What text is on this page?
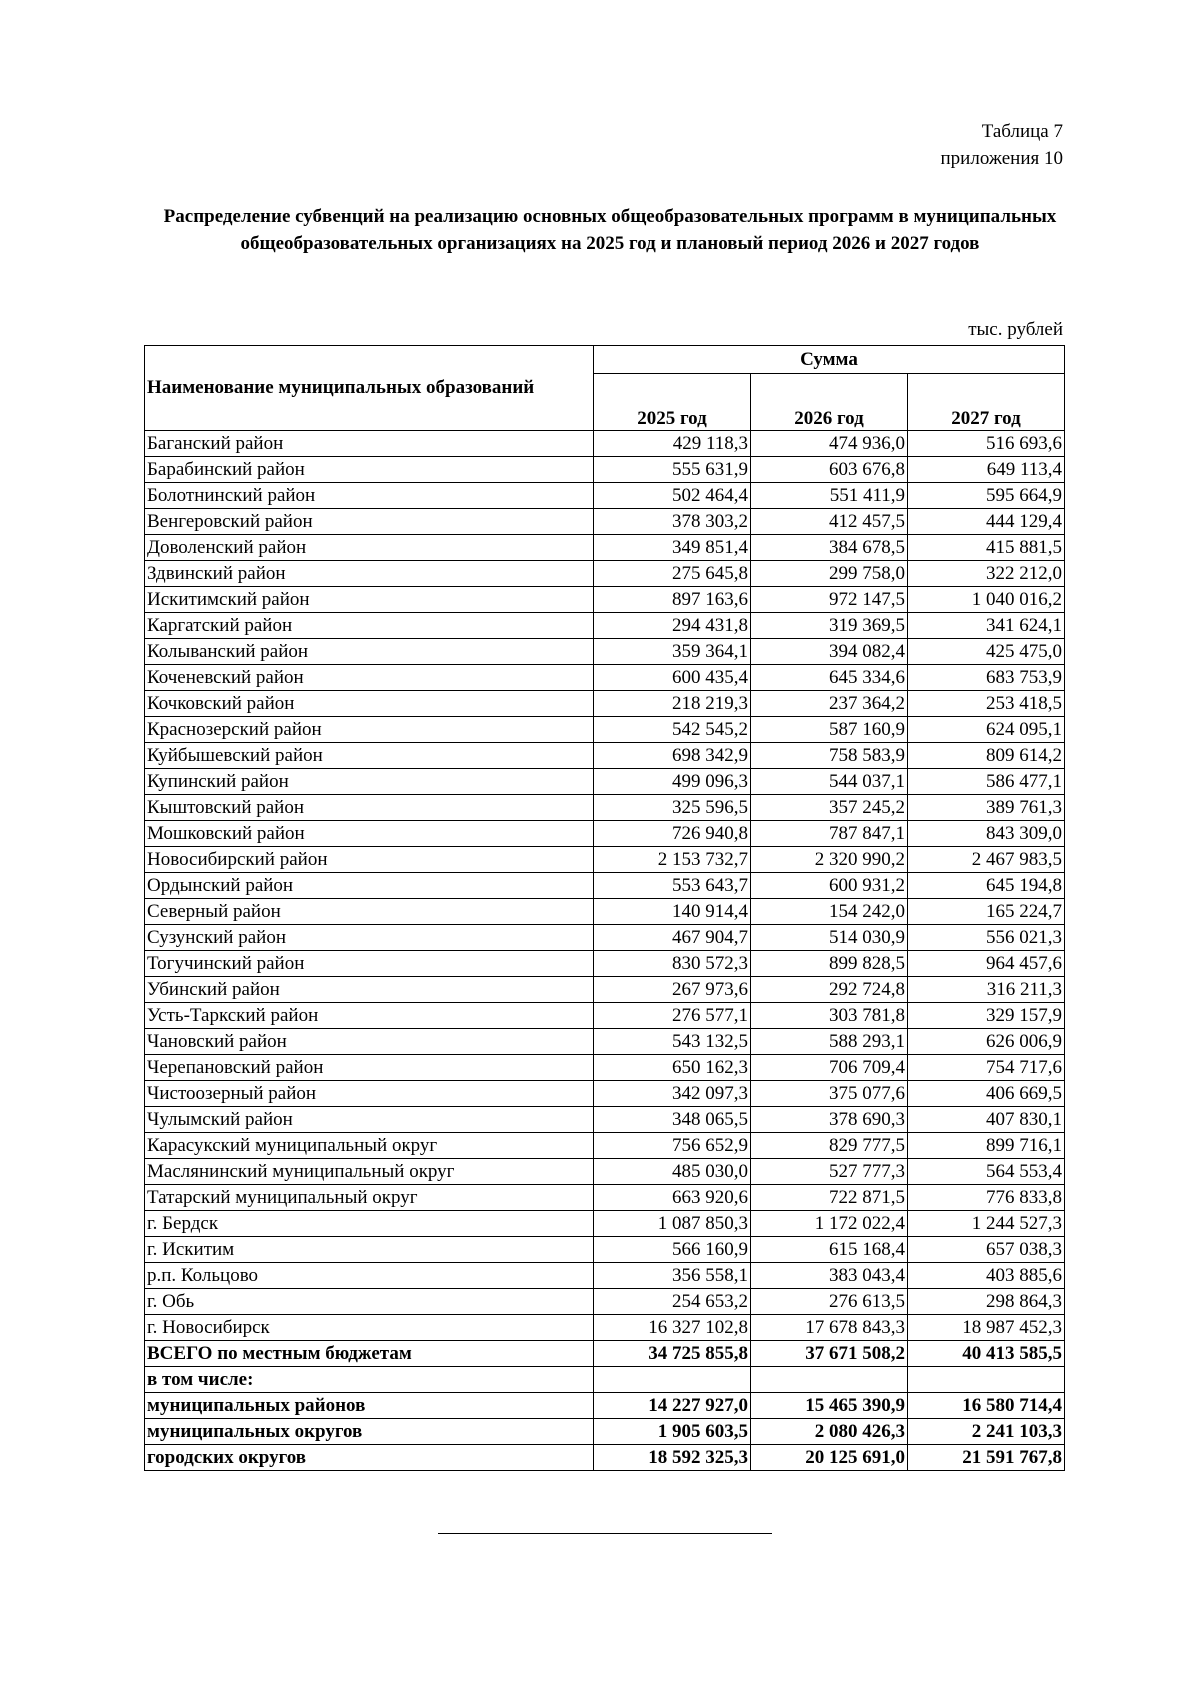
Таблица 7
приложения 10
Распределение субвенций на реализацию основных общеобразовательных программ в муниципальных общеобразовательных организациях на 2025 год и плановый период 2026 и 2027 годов
тыс. рублей
Наименование муниципальных образований	Сумма		
	2025 год	2026 год	2027 год
Баганский район	429 118,3	474 936,0	516 693,6
Барабинский район	555 631,9	603 676,8	649 113,4
Болотнинский район	502 464,4	551 411,9	595 664,9
Венгеровский район	378 303,2	412 457,5	444 129,4
Доволенский район	349 851,4	384 678,5	415 881,5
Здвинский район	275 645,8	299 758,0	322 212,0
Искитимский район	897 163,6	972 147,5	1 040 016,2
Каргатский район	294 431,8	319 369,5	341 624,1
Колыванский район	359 364,1	394 082,4	425 475,0
Коченевский район	600 435,4	645 334,6	683 753,9
Кочковский район	218 219,3	237 364,2	253 418,5
Краснозерский район	542 545,2	587 160,9	624 095,1
Куйбышевский район	698 342,9	758 583,9	809 614,2
Купинский район	499 096,3	544 037,1	586 477,1
Кыштовский район	325 596,5	357 245,2	389 761,3
Мошковский район	726 940,8	787 847,1	843 309,0
Новосибирский район	2 153 732,7	2 320 990,2	2 467 983,5
Ордынский район	553 643,7	600 931,2	645 194,8
Северный район	140 914,4	154 242,0	165 224,7
Сузунский район	467 904,7	514 030,9	556 021,3
Тогучинский район	830 572,3	899 828,5	964 457,6
Убинский район	267 973,6	292 724,8	316 211,3
Усть-Таркский район	276 577,1	303 781,8	329 157,9
Чановский район	543 132,5	588 293,1	626 006,9
Черепановский район	650 162,3	706 709,4	754 717,6
Чистоозерный район	342 097,3	375 077,6	406 669,5
Чулымский район	348 065,5	378 690,3	407 830,1
Карасукский муниципальный округ	756 652,9	829 777,5	899 716,1
Маслянинский муниципальный округ	485 030,0	527 777,3	564 553,4
Татарский муниципальный округ	663 920,6	722 871,5	776 833,8
г. Бердск	1 087 850,3	1 172 022,4	1 244 527,3
г. Искитим	566 160,9	615 168,4	657 038,3
р.п. Кольцово	356 558,1	383 043,4	403 885,6
г. Обь	254 653,2	276 613,5	298 864,3
г. Новосибирск	16 327 102,8	17 678 843,3	18 987 452,3
ВСЕГО по местным бюджетам	34 725 855,8	37 671 508,2	40 413 585,5
в том числе:			
муниципальных районов	14 227 927,0	15 465 390,9	16 580 714,4
муниципальных округов	1 905 603,5	2 080 426,3	2 241 103,3
городских округов	18 592 325,3	20 125 691,0	21 591 767,8
